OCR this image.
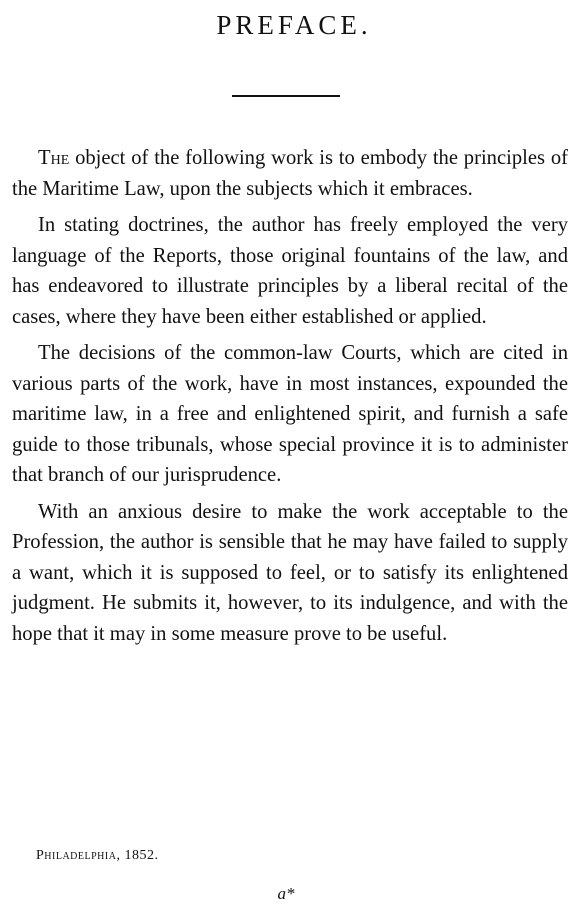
PREFACE.

The object of the following work is to embody the principles of the Maritime Law, upon the subjects which it embraces.

In stating doctrines, the author has freely employed the very language of the Reports, those original fountains of the law, and has endeavored to illustrate principles by a liberal recital of the cases, where they have been either established or applied.

The decisions of the common-law Courts, which are cited in various parts of the work, have in most instances, expounded the maritime law, in a free and enlightened spirit, and furnish a safe guide to those tribunals, whose special province it is to administer that branch of our jurisprudence.

With an anxious desire to make the work acceptable to the Profession, the author is sensible that he may have failed to supply a want, which it is supposed to feel, or to satisfy its enlightened judgment. He submits it, however, to its indulgence, and with the hope that it may in some measure prove to be useful.

Philadelphia, 1852.
a*
